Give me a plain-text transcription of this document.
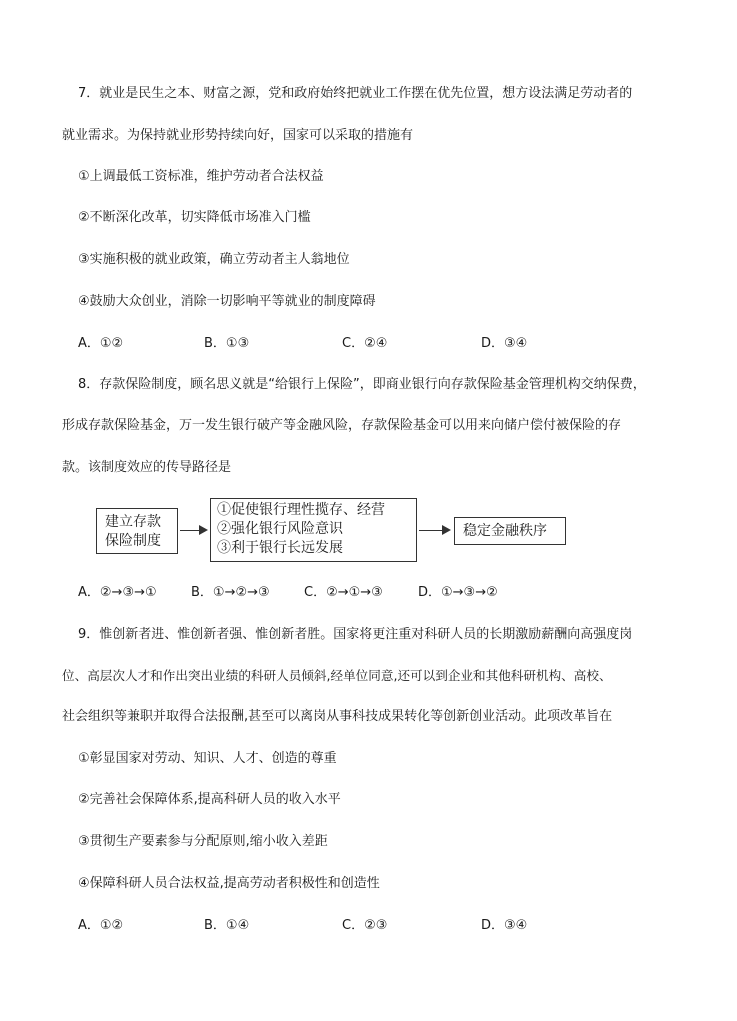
7．就业是民生之本、财富之源，党和政府始终把就业工作摆在优先位置，想方设法满足劳动者的
就业需求。为保持就业形势持续向好，国家可以采取的措施有
①上调最低工资标准，维护劳动者合法权益
②不断深化改革，切实降低市场准入门槛
③实施积极的就业政策，确立劳动者主人翁地位
④鼓励大众创业，消除一切影响平等就业的制度障碍
A．①②	B．①③	C．②④	D．③④
8．存款保险制度，顾名思义就是“给银行上保险”，即商业银行向存款保险基金管理机构交纳保费，
形成存款保险基金，万一发生银行破产等金融风险，存款保险基金可以用来向储户偿付被保险的存
款。该制度效应的传导路径是
建立存款
保险制度
①促使银行理性揽存、经营
②强化银行风险意识
③利于银行长远发展
稳定金融秩序
A．②→③→①	B．①→②→③	C．②→①→③	D．①→③→②
9．惟创新者进、惟创新者强、惟创新者胜。国家将更注重对科研人员的长期激励薪酬向高强度岗
位、高层次人才和作出突出业绩的科研人员倾斜,经单位同意,还可以到企业和其他科研机构、高校、
社会组织等兼职并取得合法报酬,甚至可以离岗从事科技成果转化等创新创业活动。此项改革旨在
①彰显国家对劳动、知识、人才、创造的尊重
②完善社会保障体系,提高科研人员的收入水平
③贯彻生产要素参与分配原则,缩小收入差距
④保障科研人员合法权益,提高劳动者积极性和创造性
A．①②	B．①④	C．②③	D．③④
